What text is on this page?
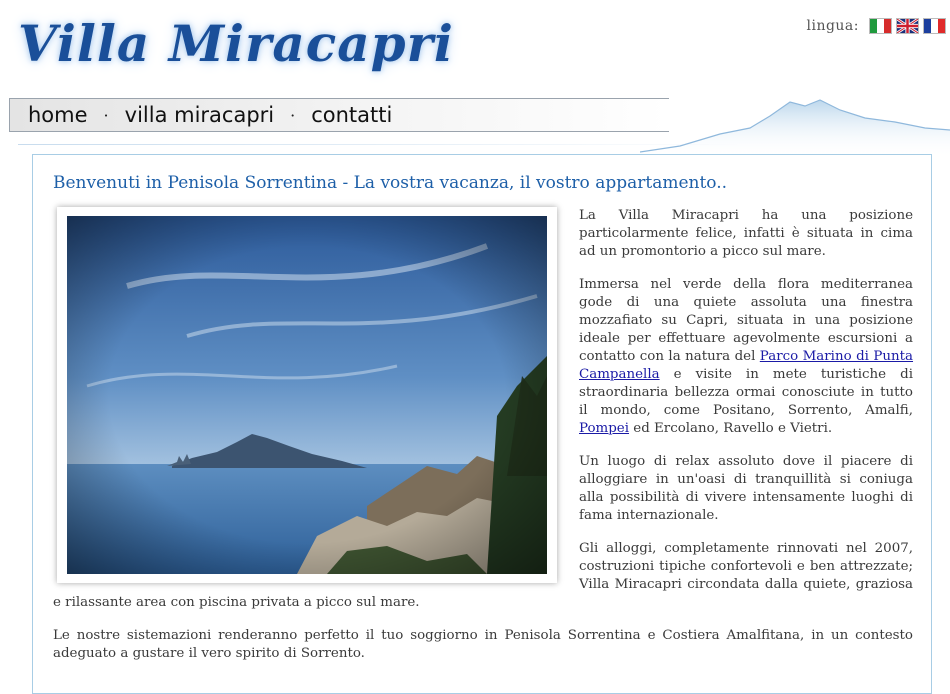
Villa Miracapri	lingua:
home · villa miracapri · contatti
Benvenuti in Penisola Sorrentina - La vostra vacanza, il vostro appartamento..

La Villa Miracapri ha una posizione particolarmente felice, infatti è situata in cima ad un promontorio a picco sul mare.

Immersa nel verde della flora mediterranea gode di una quiete assoluta una finestra mozzafiato su Capri, situata in una posizione ideale per effettuare agevolmente escursioni a contatto con la natura del Parco Marino di Punta Campanella e visite in mete turistiche di straordinaria bellezza ormai conosciute in tutto il mondo, come Positano, Sorrento, Amalfi, Pompei ed Ercolano, Ravello e Vietri.

Un luogo di relax assoluto dove il piacere di alloggiare in un'oasi di tranquillità si coniuga alla possibilità di vivere intensamente luoghi di fama internazionale.

Gli alloggi, completamente rinnovati nel 2007, costruzioni tipiche confortevoli e ben attrezzate; Villa Miracapri circondata dalla quiete, graziosa e rilassante area con piscina privata a picco sul mare.

Le nostre sistemazioni renderanno perfetto il tuo soggiorno in Penisola Sorrentina e Costiera Amalfitana, in un contesto adeguato a gustare il vero spirito di Sorrento.
